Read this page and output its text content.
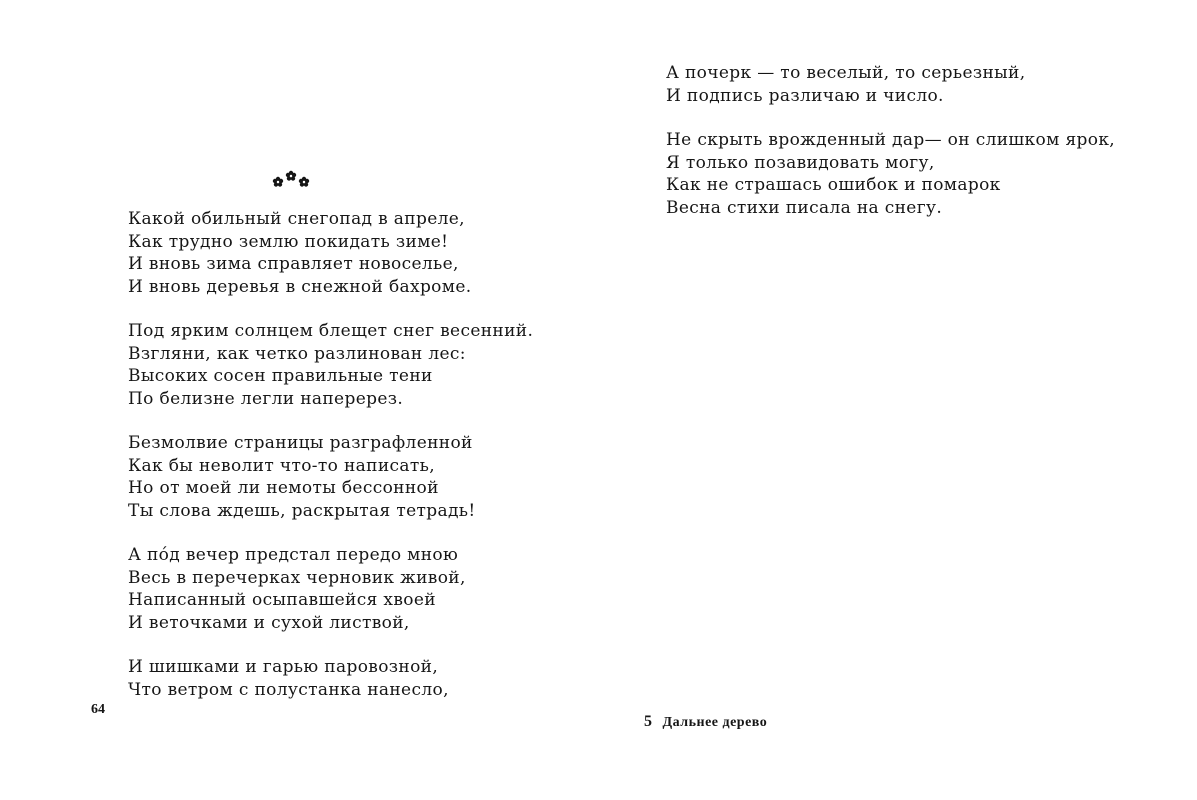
Какой обильный снегопад в апреле,
Как трудно землю покидать зиме!
И вновь зима справляет новоселье,
И вновь деревья в снежной бахроме.
Под ярким солнцем блещет снег весенний.
Взгляни, как четко разлинован лес:
Высоких сосен правильные тени
По белизне легли наперерез.
Безмолвие страницы разграфленной
Как бы неволит что-то написать,
Но от моей ли немоты бессонной
Ты слова ждешь, раскрытая тетрадь!
А пóд вечер предстал передо мною
Весь в перечерках черновик живой,
Написанный осыпавшейся хвоей
И веточками и сухой листвой,
И шишками и гарью паровозной,
Что ветром с полустанка нанесло,
64
А почерк — то веселый, то серьезный,
И подпись различаю и число.
Не скрыть врожденный дар— он слишком ярок,
Я только позавидовать могу,
Как не страшась ошибок и помарок
Весна стихи писала на снегу.
5 Дальнее дерево
